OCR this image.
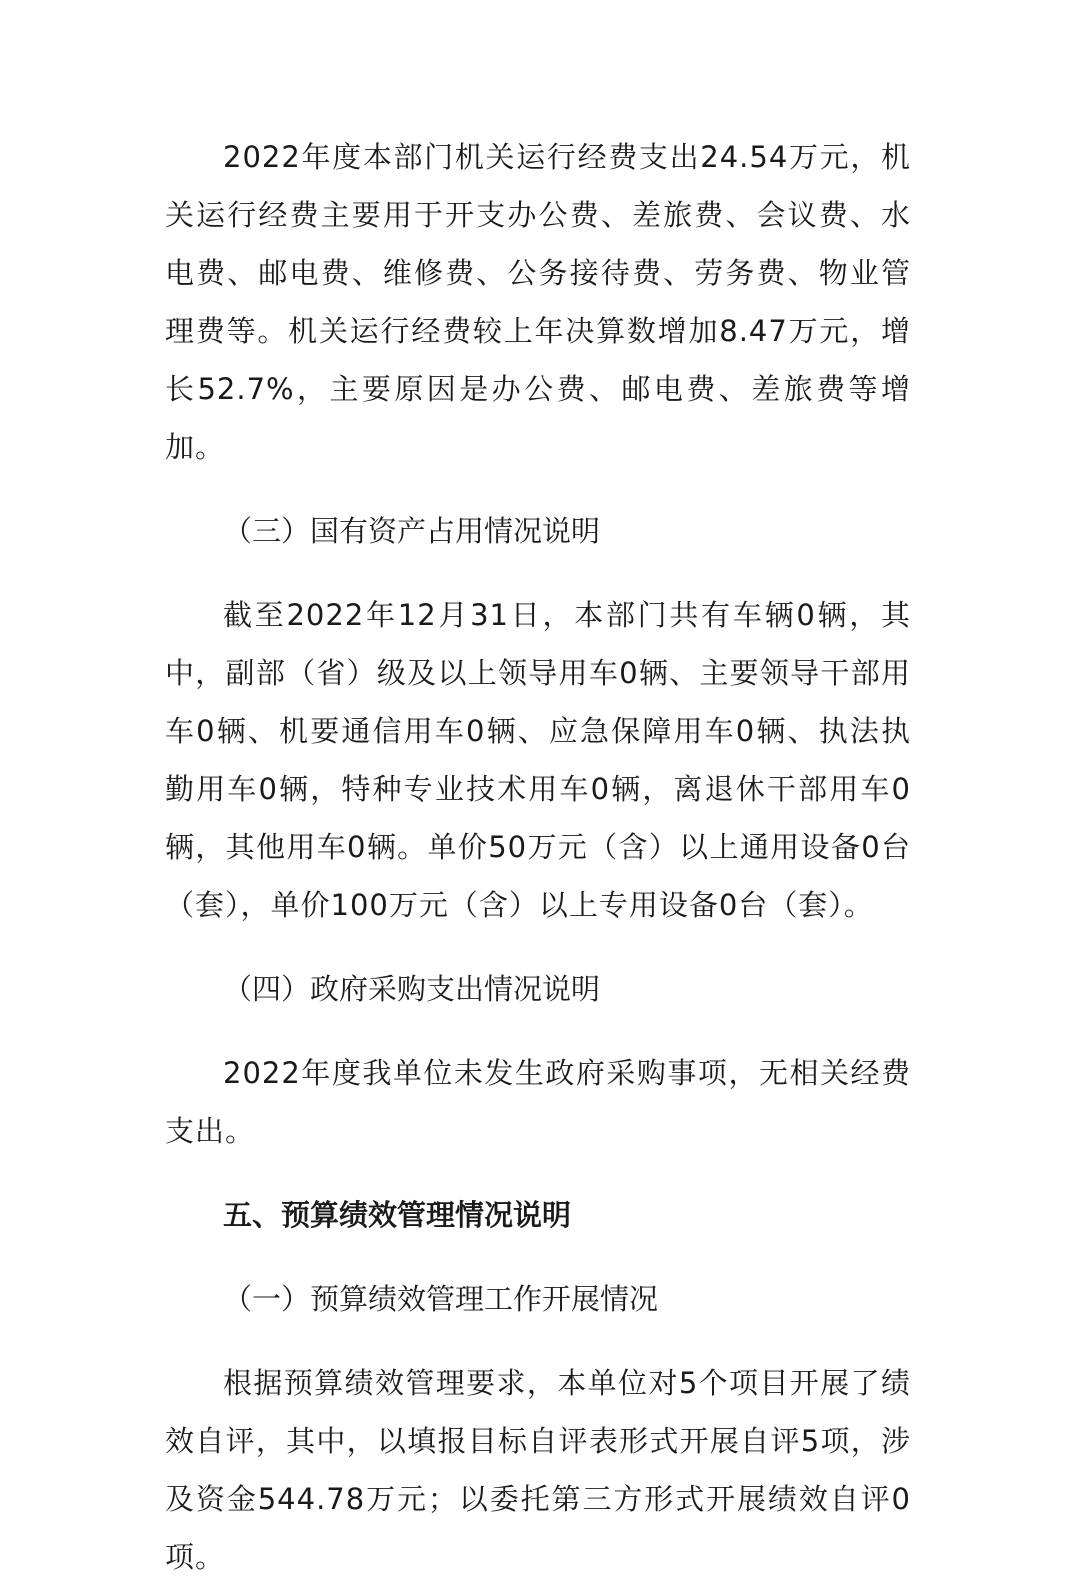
2022年度本部门机关运行经费支出24.54万元，机关运行经费主要用于开支办公费、差旅费、会议费、水电费、邮电费、维修费、公务接待费、劳务费、物业管理费等。机关运行经费较上年决算数增加8.47万元，增长52.7%，主要原因是办公费、邮电费、差旅费等增加。

（三）国有资产占用情况说明

截至2022年12月31日，本部门共有车辆0辆，其中，副部（省）级及以上领导用车0辆、主要领导干部用车0辆、机要通信用车0辆、应急保障用车0辆、执法执勤用车0辆，特种专业技术用车0辆，离退休干部用车0辆，其他用车0辆。单价50万元（含）以上通用设备0台（套），单价100万元（含）以上专用设备0台（套）。

（四）政府采购支出情况说明

2022年度我单位未发生政府采购事项，无相关经费支出。

五、预算绩效管理情况说明

（一）预算绩效管理工作开展情况

根据预算绩效管理要求，本单位对5个项目开展了绩效自评，其中，以填报目标自评表形式开展自评5项，涉及资金544.78万元；以委托第三方形式开展绩效自评0项。
